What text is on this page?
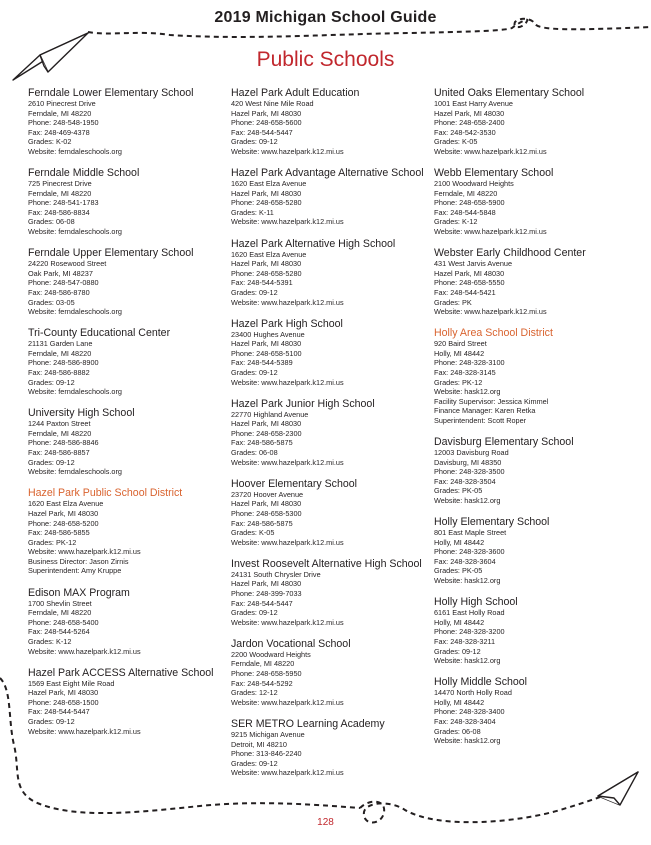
2019 Michigan School Guide
Public Schools
Ferndale Lower Elementary School
2610 Pinecrest Drive
Ferndale, MI 48220
Phone: 248-548-1950
Fax: 248-469-4378
Grades: K-02
Website: ferndaleschools.org
Ferndale Middle School
725 Pinecrest Drive
Ferndale, MI 48220
Phone: 248-541-1783
Fax: 248-586-8834
Grades: 06-08
Website: ferndaleschools.org
Ferndale Upper Elementary School
24220 Rosewood Street
Oak Park, MI 48237
Phone: 248-547-0880
Fax: 248-586-8780
Grades: 03-05
Website: ferndaleschools.org
Tri-County Educational Center
21131 Garden Lane
Ferndale, MI 48220
Phone: 248-586-8900
Fax: 248-586-8882
Grades: 09-12
Website: ferndaleschools.org
University High School
1244 Paxton Street
Ferndale, MI 48220
Phone: 248-586-8846
Fax: 248-586-8857
Grades: 09-12
Website: ferndaleschools.org
Hazel Park Public School District
1620 East Elza Avenue
Hazel Park, MI 48030
Phone: 248-658-5200
Fax: 248-586-5855
Grades: PK-12
Website: www.hazelpark.k12.mi.us
Business Director: Jason Zirnis
Superintendent: Amy Kruppe
Edison MAX Program
1700 Shevlin Street
Ferndale, MI 48220
Phone: 248-658-5400
Fax: 248-544-5264
Grades: K-12
Website: www.hazelpark.k12.mi.us
Hazel Park ACCESS Alternative School
1569 East Eight Mile Road
Hazel Park, MI 48030
Phone: 248-658-1500
Fax: 248-544-5447
Grades: 09-12
Website: www.hazelpark.k12.mi.us
Hazel Park Adult Education
420 West Nine Mile Road
Hazel Park, MI 48030
Phone: 248-658-5600
Fax: 248-544-5447
Grades: 09-12
Website: www.hazelpark.k12.mi.us
Hazel Park Advantage Alternative School
1620 East Elza Avenue
Hazel Park, MI 48030
Phone: 248-658-5280
Grades: K-11
Website: www.hazelpark.k12.mi.us
Hazel Park Alternative High School
1620 East Elza Avenue
Hazel Park, MI 48030
Phone: 248-658-5280
Fax: 248-544-5391
Grades: 09-12
Website: www.hazelpark.k12.mi.us
Hazel Park High School
23400 Hughes Avenue
Hazel Park, MI 48030
Phone: 248-658-5100
Fax: 248-544-5389
Grades: 09-12
Website: www.hazelpark.k12.mi.us
Hazel Park Junior High School
22770 Highland Avenue
Hazel Park, MI 48030
Phone: 248-658-2300
Fax: 248-586-5875
Grades: 06-08
Website: www.hazelpark.k12.mi.us
Hoover Elementary School
23720 Hoover Avenue
Hazel Park, MI 48030
Phone: 248-658-5300
Fax: 248-586-5875
Grades: K-05
Website: www.hazelpark.k12.mi.us
Invest Roosevelt Alternative High School
24131 South Chrysler Drive
Hazel Park, MI 48030
Phone: 248-399-7033
Fax: 248-544-5447
Grades: 09-12
Website: www.hazelpark.k12.mi.us
Jardon Vocational School
2200 Woodward Heights
Ferndale, MI 48220
Phone: 248-658-5950
Fax: 248-544-5292
Grades: 12-12
Website: www.hazelpark.k12.mi.us
SER METRO Learning Academy
9215 Michigan Avenue
Detroit, MI 48210
Phone: 313-846-2240
Grades: 09-12
Website: www.hazelpark.k12.mi.us
United Oaks Elementary School
1001 East Harry Avenue
Hazel Park, MI 48030
Phone: 248-658-2400
Fax: 248-542-3530
Grades: K-05
Website: www.hazelpark.k12.mi.us
Webb Elementary School
2100 Woodward Heights
Ferndale, MI 48220
Phone: 248-658-5900
Fax: 248-544-5848
Grades: K-12
Website: www.hazelpark.k12.mi.us
Webster Early Childhood Center
431 West Jarvis Avenue
Hazel Park, MI 48030
Phone: 248-658-5550
Fax: 248-544-5421
Grades: PK
Website: www.hazelpark.k12.mi.us
Holly Area School District
920 Baird Street
Holly, MI 48442
Phone: 248-328-3100
Fax: 248-328-3145
Grades: PK-12
Website: hask12.org
Facility Supervisor: Jessica Kimmel
Finance Manager: Karen Retka
Superintendent: Scott Roper
Davisburg Elementary School
12003 Davisburg Road
Davisburg, MI 48350
Phone: 248-328-3500
Fax: 248-328-3504
Grades: PK-05
Website: hask12.org
Holly Elementary School
801 East Maple Street
Holly, MI 48442
Phone: 248-328-3600
Fax: 248-328-3604
Grades: PK-05
Website: hask12.org
Holly High School
6161 East Holly Road
Holly, MI 48442
Phone: 248-328-3200
Fax: 248-328-3211
Grades: 09-12
Website: hask12.org
Holly Middle School
14470 North Holly Road
Holly, MI 48442
Phone: 248-328-3400
Fax: 248-328-3404
Grades: 06-08
Website: hask12.org
128
